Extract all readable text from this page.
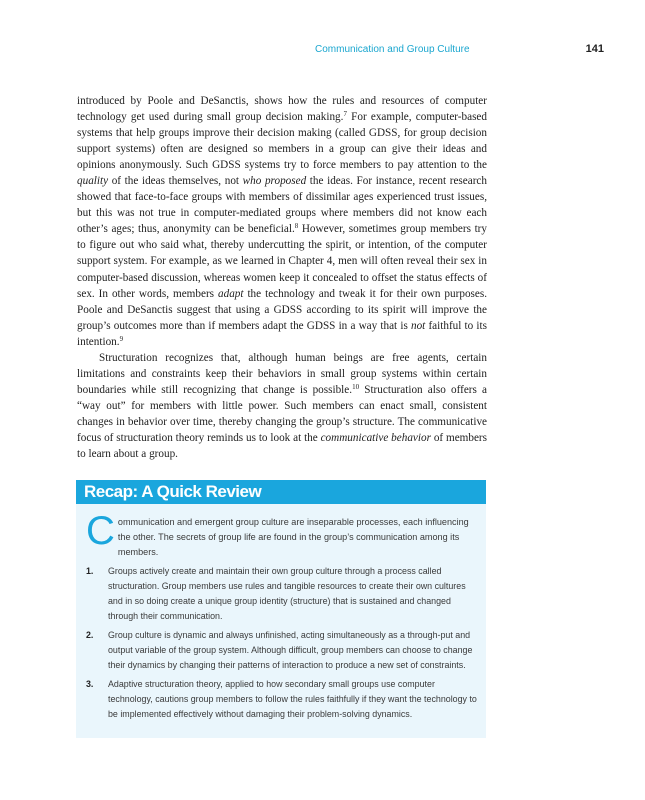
Communication and Group Culture	141

introduced by Poole and DeSanctis, shows how the rules and resources of computer technology get used during small group decision making.$^7$ For example, computer-based systems that help groups improve their decision making (called GDSS, for group decision support systems) often are designed so members in a group can give their ideas and opinions anonymously. Such GDSS systems try to force members to pay attention to the quality of the ideas themselves, not who proposed the ideas. For instance, recent research showed that face-to-face groups with members of dissimilar ages experienced trust issues, but this was not true in computer-mediated groups where members did not know each other’s ages; thus, anonymity can be beneficial.$^8$ However, sometimes group members try to figure out who said what, thereby undercutting the spirit, or intention, of the computer support system. For example, as we learned in Chapter 4, men will often reveal their sex in computer-based discussion, whereas women keep it concealed to offset the status effects of sex. In other words, members adapt the technology and tweak it for their own purposes. Poole and DeSanctis suggest that using a GDSS according to its spirit will improve the group’s outcomes more than if members adapt the GDSS in a way that is not faithful to its intention.$^9$

Structuration recognizes that, although human beings are free agents, certain limitations and constraints keep their behaviors in small group systems within certain boundaries while still recognizing that change is possible.$^{10}$ Structuration also offers a “way out” for members with little power. Such members can enact small, consistent changes in behavior over time, thereby changing the group’s structure. The communicative focus of structuration theory reminds us to look at the communicative behavior of members to learn about a group.

Recap: A Quick Review
Communication and emergent group culture are inseparable processes, each influencing the other. The secrets of group life are found in the group’s communication among its members.
1. Groups actively create and maintain their own group culture through a process called structuration. Group members use rules and tangible resources to create their own cultures and in so doing create a unique group identity (structure) that is sustained and changed through their communication.
2. Group culture is dynamic and always unfinished, acting simultaneously as a through-put and output variable of the group system. Although difficult, group members can choose to change their dynamics by changing their patterns of interaction to produce a new set of constraints.
3. Adaptive structuration theory, applied to how secondary small groups use computer technology, cautions group members to follow the rules faithfully if they want the technology to be implemented effectively without damaging their problem-solving dynamics.
